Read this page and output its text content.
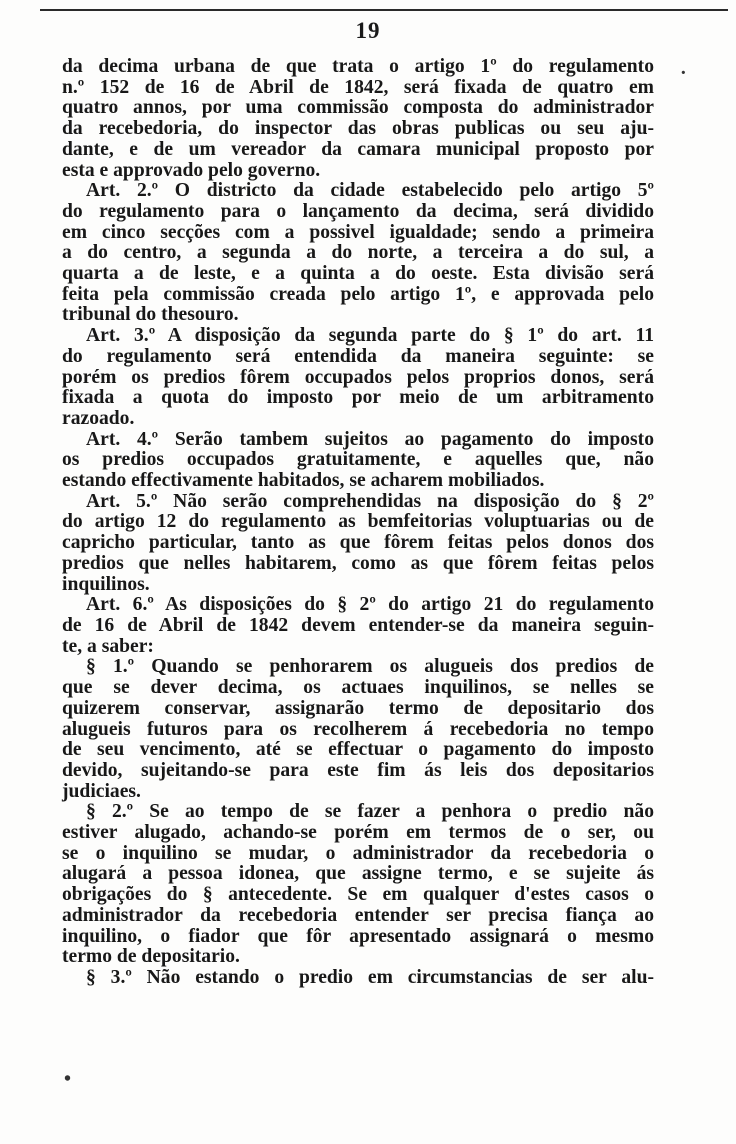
19
·
•
da decima urbana de que trata o artigo 1º do regulamento
n.º 152 de 16 de Abril de 1842, será fixada de quatro em
quatro annos, por uma commissão composta do administrador
da recebedoria, do inspector das obras publicas ou seu aju-
dante, e de um vereador da camara municipal proposto por
esta e approvado pelo governo.
Art. 2.º O districto da cidade estabelecido pelo artigo 5º
do regulamento para o lançamento da decima, será dividido
em cinco secções com a possivel igualdade; sendo a primeira
a do centro, a segunda a do norte, a terceira a do sul, a
quarta a de leste, e a quinta a do oeste. Esta divisão será
feita pela commissão creada pelo artigo 1º, e approvada pelo
tribunal do thesouro.
Art. 3.º A disposição da segunda parte do § 1º do art. 11
do regulamento será entendida da maneira seguinte: se
porém os predios fôrem occupados pelos proprios donos, será
fixada a quota do imposto por meio de um arbitramento
razoado.
Art. 4.º Serão tambem sujeitos ao pagamento do imposto
os predios occupados gratuitamente, e aquelles que, não
estando effectivamente habitados, se acharem mobiliados.
Art. 5.º Não serão comprehendidas na disposição do § 2º
do artigo 12 do regulamento as bemfeitorias voluptuarias ou de
capricho particular, tanto as que fôrem feitas pelos donos dos
predios que nelles habitarem, como as que fôrem feitas pelos
inquilinos.
Art. 6.º As disposições do § 2º do artigo 21 do regulamento
de 16 de Abril de 1842 devem entender-se da maneira seguin-
te, a saber:
§ 1.º Quando se penhorarem os alugueis dos predios de
que se dever decima, os actuaes inquilinos, se nelles se
quizerem conservar, assignarão termo de depositario dos
alugueis futuros para os recolherem á recebedoria no tempo
de seu vencimento, até se effectuar o pagamento do imposto
devido, sujeitando-se para este fim ás leis dos depositarios
judiciaes.
§ 2.º Se ao tempo de se fazer a penhora o predio não
estiver alugado, achando-se porém em termos de o ser, ou
se o inquilino se mudar, o administrador da recebedoria o
alugará a pessoa idonea, que assigne termo, e se sujeite ás
obrigações do § antecedente. Se em qualquer d'estes casos o
administrador da recebedoria entender ser precisa fiança ao
inquilino, o fiador que fôr apresentado assignará o mesmo
termo de depositario.
§ 3.º Não estando o predio em circumstancias de ser alu-
